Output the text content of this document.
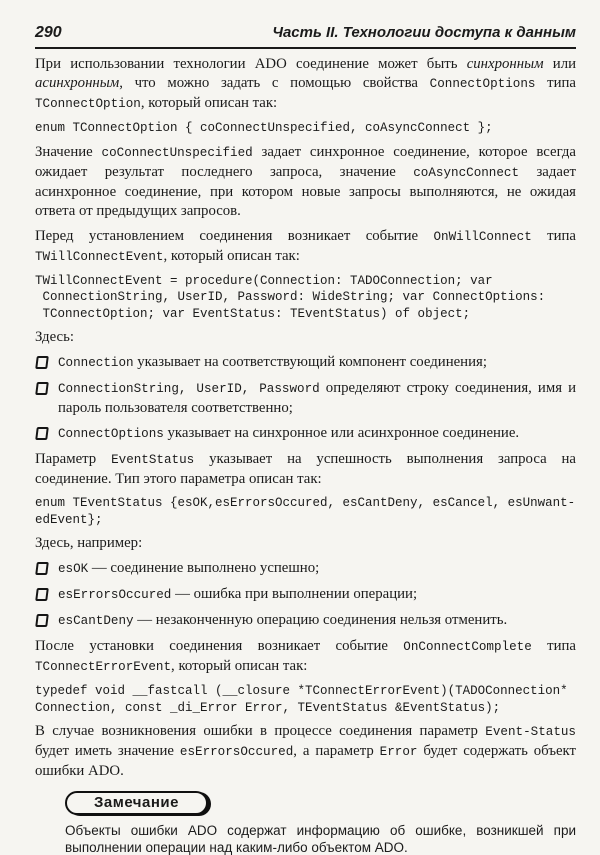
290	Часть II. Технологии доступа к данным

При использовании технологии ADO соединение может быть синхронным или асинхронным, что можно задать с помощью свойства ConnectOptions типа TConnectOption, который описан так:

enum TConnectOption { coConnectUnspecified, coAsyncConnect };

Значение coConnectUnspecified задает синхронное соединение, которое всегда ожидает результат последнего запроса, значение coAsyncConnect задает асинхронное соединение, при котором новые запросы выполняются, не ожидая ответа от предыдущих запросов.

Перед установлением соединения возникает событие OnWillConnect типа TWillConnectEvent, который описан так:

TWillConnectEvent = procedure(Connection: TADOConnection; var
ConnectionString, UserID, Password: WideString; var ConnectOptions:
TConnectOption; var EventStatus: TEventStatus) of object;

Здесь:

Connection указывает на соответствующий компонент соединения;
ConnectionString, UserID, Password определяют строку соединения, имя и пароль пользователя соответственно;
ConnectOptions указывает на синхронное или асинхронное соединение.

Параметр EventStatus указывает на успешность выполнения запроса на соединение. Тип этого параметра описан так:

enum TEventStatus {esOK,esErrorsOccured, esCantDeny, esCancel, esUnwant-
edEvent};

Здесь, например:

esOK — соединение выполнено успешно;
esErrorsOccured — ошибка при выполнении операции;
esCantDeny — незаконченную операцию соединения нельзя отменить.

После установки соединения возникает событие OnConnectComplete типа TConnectErrorEvent, который описан так:

typedef void __fastcall (__closure *TConnectErrorEvent)(TADOConnection*
Connection, const _di_Error Error, TEventStatus &EventStatus);

В случае возникновения ошибки в процессе соединения параметр Event-Status будет иметь значение esErrorsOccured, а параметр Error будет содержать объект ошибки ADO.

Замечание
Объекты ошибки ADO содержат информацию об ошибке, возникшей при выполнении операции над каким-либо объектом ADO.
